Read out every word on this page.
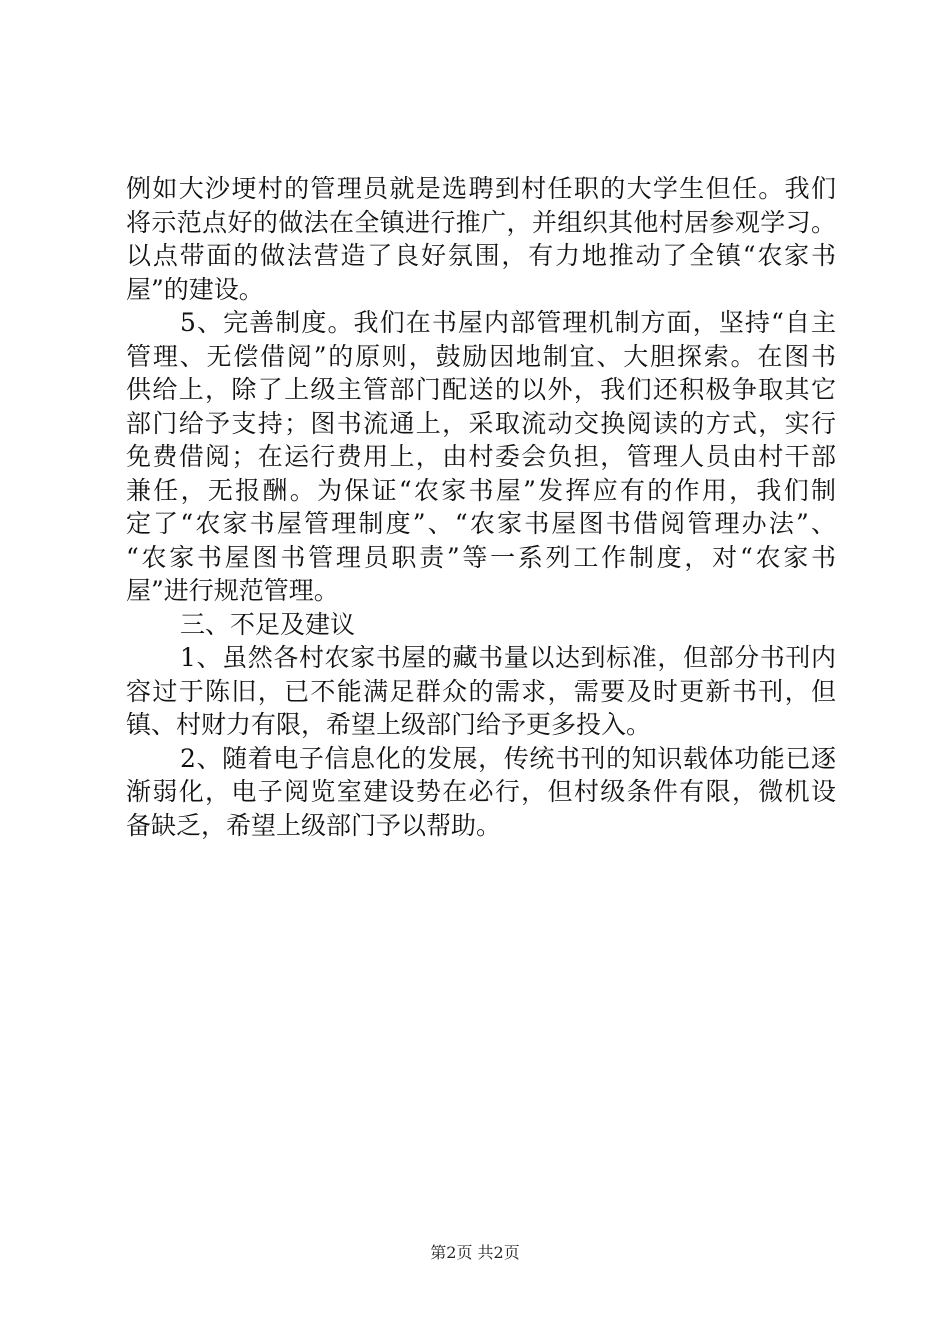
例如大沙埂村的管理员就是选聘到村任职的大学生但任。我们
将示范点好的做法在全镇进行推广，并组织其他村居参观学习。
以点带面的做法营造了良好氛围，有力地推动了全镇“农家书
屋”的建设。
5、完善制度。我们在书屋内部管理机制方面，坚持“自主
管理、无偿借阅”的原则，鼓励因地制宜、大胆探索。在图书
供给上，除了上级主管部门配送的以外，我们还积极争取其它
部门给予支持；图书流通上，采取流动交换阅读的方式，实行
免费借阅；在运行费用上，由村委会负担，管理人员由村干部
兼任，无报酬。为保证“农家书屋”发挥应有的作用，我们制
定了“农家书屋管理制度”、“农家书屋图书借阅管理办法”、
“农家书屋图书管理员职责”等一系列工作制度，对“农家书
屋”进行规范管理。
三、不足及建议
1、虽然各村农家书屋的藏书量以达到标准，但部分书刊内
容过于陈旧，已不能满足群众的需求，需要及时更新书刊，但
镇、村财力有限，希望上级部门给予更多投入。
2、随着电子信息化的发展，传统书刊的知识载体功能已逐
渐弱化，电子阅览室建设势在必行，但村级条件有限，微机设
备缺乏，希望上级部门予以帮助。
第2页 共2页
